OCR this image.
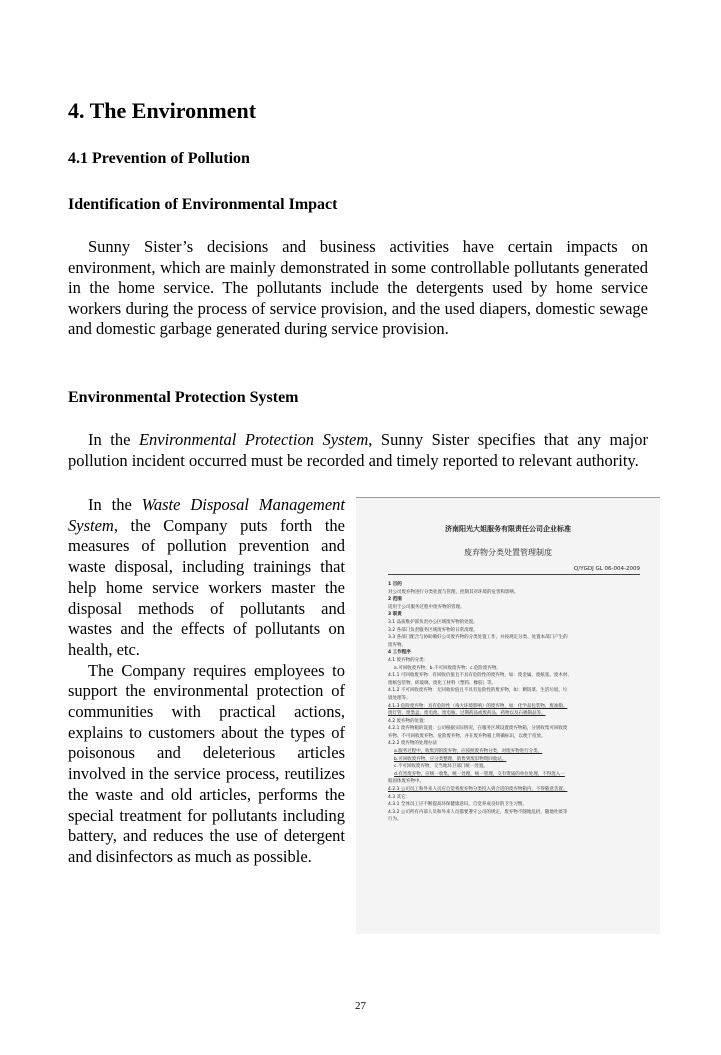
4. The Environment
4.1 Prevention of Pollution
Identification of Environmental Impact

Sunny Sister’s decisions and business activities have certain impacts on environment, which are mainly demonstrated in some controllable pollutants generated in the home service. The pollutants include the detergents used by home service workers during the process of service provision, and the used diapers, domestic sewage and domestic garbage generated during service provision.

Environmental Protection System

In the Environmental Protection System, Sunny Sister specifies that any major pollution incident occurred must be recorded and timely reported to relevant authority.

In the Waste Disposal Management System, the Company puts forth the measures of pollution prevention and waste disposal, including trainings that help home service workers master the disposal methods of pollutants and wastes and the effects of pollutants on health, etc.

The Company requires employees to support the environmental protection of communities with practical actions, explains to customers about the types of poisonous and deleterious articles involved in the service process, reutilizes the waste and old articles, performs the special treatment for pollutants including battery, and reduces the use of detergent and disinfectors as much as possible.

济南阳光大姐服务有限责任公司企业标准
废弃物分类处置管理制度
Q/YGDJ GL 06-004-2009
1 目的
对公司废弃物进行分类处置与管理，控制其对环境的危害和影响。
2 范围
适用于公司服务过程中废弃物的管理。
3 职责
3.1 品质维护部负责办公区域废弃物的处置。
3.2 各部门负责服务区域废弃物的日常清理。
3.3 各部门配合与协助做好公司废弃物的分类处置工作，并按规定分类、处置本部门产生的
废弃物。
4 工作程序
4.1 废弃物的分类：
a.可回收废弃物；b.不可回收废弃物；c.危险废弃物。
4.1.1 可回收废弃物：有回收价值且不具有危险性的废弃物，如：废金属、废纸张、废木材、
废纸包装物、碎玻璃、废化工材料（塑料、橡胶）等。
4.1.2 不可回收废弃物：无回收价值且不具有危险性的废弃物，如：剩饭菜、生活垃圾、垃
圾处理等。
4.1.3 危险废弃物：具有危险性（毒大环境影响）的废弃物，如：化学品包装物、废油脂、
废灯管、废墨盒、废电池、废电瓶、过期药品或废药品、药物以及石棉制品等。
4.2 废弃物的处置：
4.2.1 废弃物箱的设置：公司根据实际情况，在服务区域设置废弃物箱，分别收集可回收废
弃物、不可回收废弃物、危险废弃物，并在废弃物箱上明确标识，以便于投放。
4.2.2 废弃物的处理办法
a.服务过程中，收集到的废弃物，应按照废弃物分类，对废弃物进行分类。
b.可回收废弃物，应分类整理，销售到废旧物资回收站。
c.不可回收废弃物，交当地环卫部门统一处置。
d.有害废弃物，应统一收集，统一处理，统一管理，交有资质的单位处理，不得混入一
般固体废弃物中。
4.2.3 公司员工和外来人员应自觉将废弃物分类投入到合适的废弃物箱内，不得随意丢置。
4.3 其它：
4.3.1 全体员工应不断提高环保健康意识，自觉养成良好的卫生习惯。
4.3.2 公司所有内部人员和外来人员都要遵守公司的规定，废弃物不随地乱扔，随地吐痰等
行为。
27
